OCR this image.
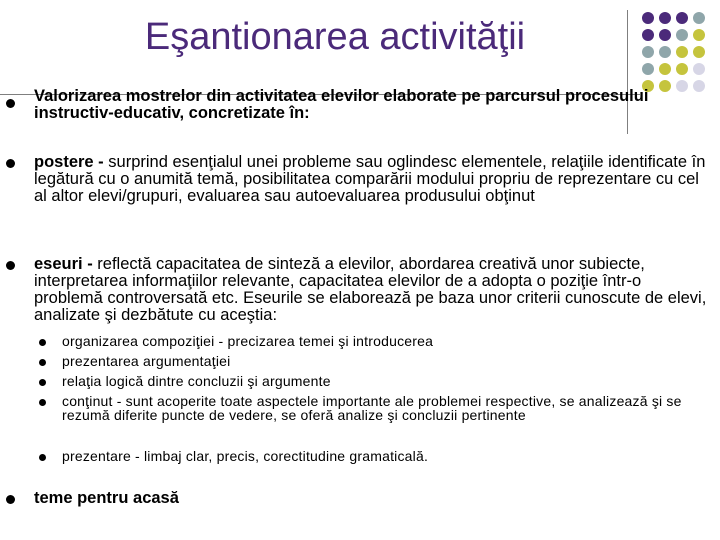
Eşantionarea activităţii
Valorizarea mostrelor din activitatea elevilor elaborate pe parcursul procesului instructiv-educativ, concretizate în:
postere - surprind esenţialul unei probleme sau oglindesc elementele, relaţiile identificate în legătură cu o anumită temă, posibilitatea comparării modului propriu de reprezentare cu cel al altor elevi/grupuri, evaluarea sau autoevaluarea produsului obţinut
eseuri - reflectă capacitatea de sinteză a elevilor, abordarea creativă unor subiecte, interpretarea informaţiilor relevante, capacitatea elevilor de a adopta o poziţie într-o problemă controversată etc. Eseurile se elaborează pe baza unor criterii cunoscute de elevi, analizate şi dezbătute cu aceştia:
organizarea compoziţiei - precizarea temei şi introducerea
prezentarea argumentaţiei
relaţia logică dintre concluzii şi argumente
conţinut - sunt acoperite toate aspectele importante ale problemei respective, se analizează şi se rezumă diferite puncte de vedere, se oferă analize şi concluzii pertinente
prezentare - limbaj clar, precis, corectitudine gramaticală.
teme pentru acasă
